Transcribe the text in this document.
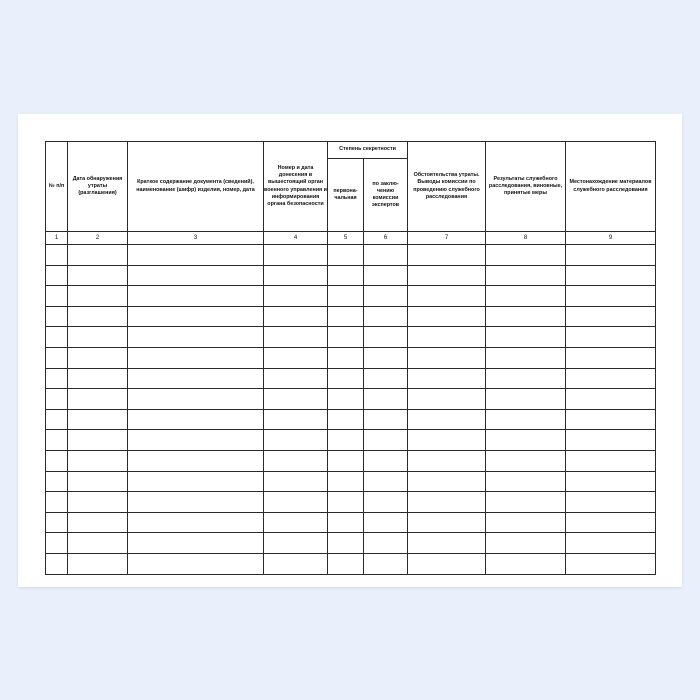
№ п/п	Дата обнаружения утраты (разглашения)	Краткое содержание документа (сведений), наименование (шифр) изделия, номер, дата	Номер и дата донесения в вышестоящий орган военного управления и информирования органа безопасности	Степень секретности		Обстоятельства утраты. Выводы комиссии по проведению служебного расследования	Результаты служебного расследования, виновные, принятые меры	Местонахождение материалов служебного расследования
				первона-чальная	по заклю-чению комиссии экспертов			
1	2	3	4	5	6	7	8	9
